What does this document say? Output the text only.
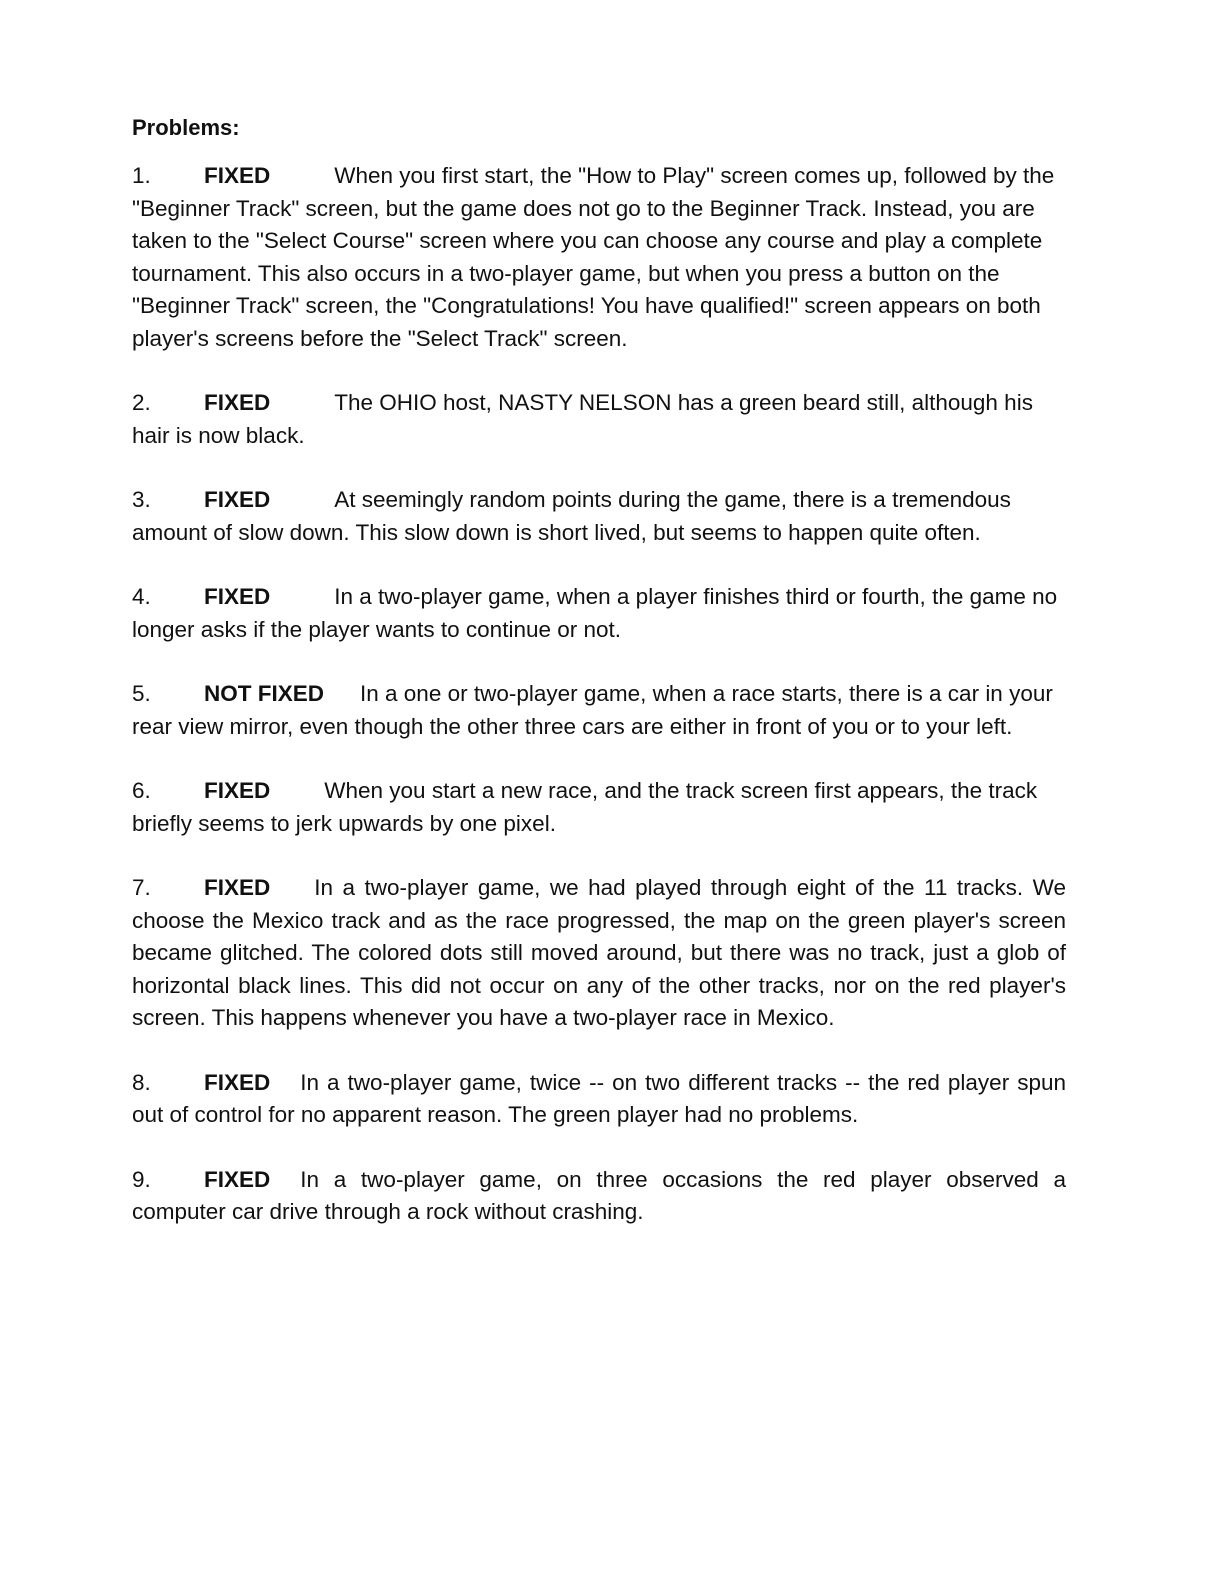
Problems:
1. FIXED	When you first start, the "How to Play" screen comes up, followed by the "Beginner Track" screen, but the game does not go to the Beginner Track. Instead, you are taken to the "Select Course" screen where you can choose any course and play a complete tournament. This also occurs in a two-player game, but when you press a button on the "Beginner Track" screen, the "Congratulations! You have qualified!" screen appears on both player's screens before the "Select Track" screen.
2. FIXED	The OHIO host, NASTY NELSON has a green beard still, although his hair is now black.
3. FIXED	At seemingly random points during the game, there is a tremendous amount of slow down. This slow down is short lived, but seems to happen quite often.
4. FIXED	In a two-player game, when a player finishes third or fourth, the game no longer asks if the player wants to continue or not.
5. NOT FIXED In a one or two-player game, when a race starts, there is a car in your rear view mirror, even though the other three cars are either in front of you or to your left.
6. FIXED When you start a new race, and the track screen first appears, the track briefly seems to jerk upwards by one pixel.
7. FIXED In a two-player game, we had played through eight of the 11 tracks. We choose the Mexico track and as the race progressed, the map on the green player's screen became glitched. The colored dots still moved around, but there was no track, just a glob of horizontal black lines. This did not occur on any of the other tracks, nor on the red player's screen. This happens whenever you have a two-player race in Mexico.
8. FIXED In a two-player game, twice -- on two different tracks -- the red player spun out of control for no apparent reason. The green player had no problems.
9. FIXED In a two-player game, on three occasions the red player observed a computer car drive through a rock without crashing.
